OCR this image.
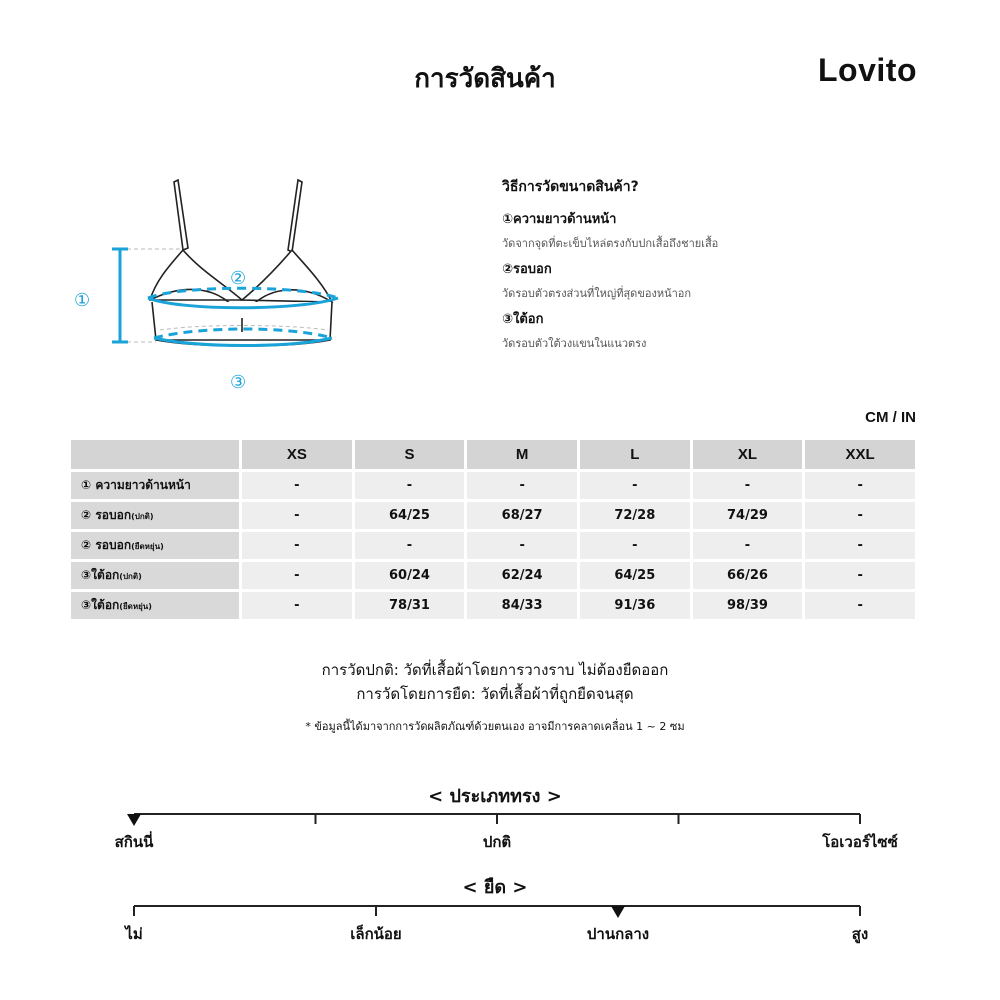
การวัดสินค้า	Lovito
①
②
③
วิธีการวัดขนาดสินค้า?
①ความยาวด้านหน้า
วัดจากจุดที่ตะเข็บไหล่ตรงกับปกเสื้อถึงชายเสื้อ
②รอบอก
วัดรอบตัวตรงส่วนที่ใหญ่ที่สุดของหน้าอก
③ใต้อก
วัดรอบตัวใต้วงแขนในแนวตรง
CM / IN
	XS	S	M	L	XL	XXL
① ความยาวด้านหน้า	-	-	-	-	-	-
② รอบอก(ปกติ)	-	64/25	68/27	72/28	74/29	-
② รอบอก(ยืดหยุ่น)	-	-	-	-	-	-
③ใต้อก(ปกติ)	-	60/24	62/24	64/25	66/26	-
③ใต้อก(ยืดหยุ่น)	-	78/31	84/33	91/36	98/39	-
การวัดปกติ: วัดที่เสื้อผ้าโดยการวางราบ ไม่ต้องยืดออก
การวัดโดยการยืด: วัดที่เสื้อผ้าที่ถูกยืดจนสุด
* ข้อมูลนี้ได้มาจากการวัดผลิตภัณฑ์ด้วยตนเอง อาจมีการคลาดเคลื่อน 1 ~ 2 ซม
< ประเภททรง >
สกินนี่	ปกติ	โอเวอร์ไซซ์
< ยืด >
ไม่	เล็กน้อย	ปานกลาง	สูง
